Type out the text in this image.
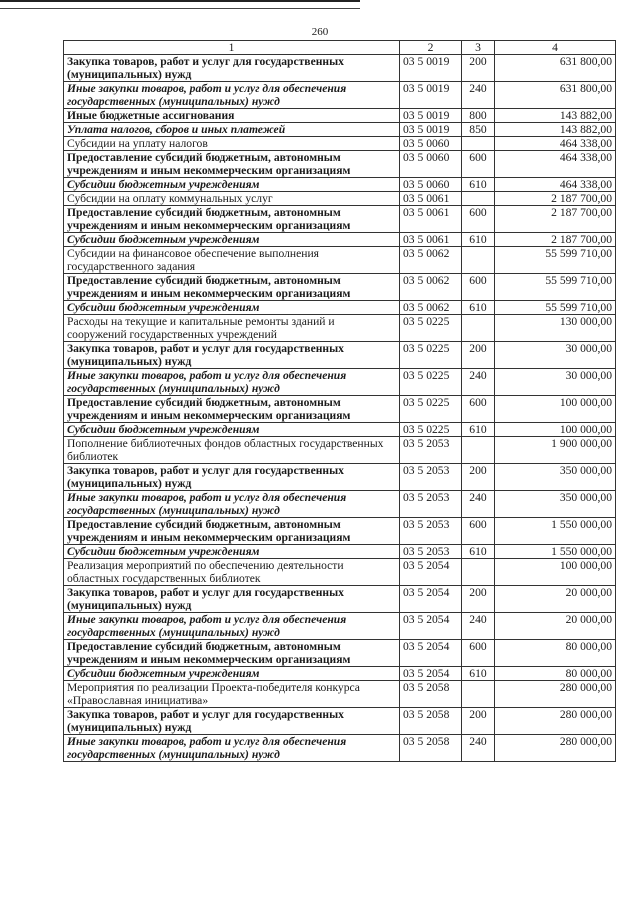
260
1	2	3	4
Закупка товаров, работ и услуг для государственных (муниципальных) нужд	03 5 0019	200	631 800,00
Иные закупки товаров, работ и услуг для обеспечения государственных (муниципальных) нужд	03 5 0019	240	631 800,00
Иные бюджетные ассигнования	03 5 0019	800	143 882,00
Уплата налогов, сборов и иных платежей	03 5 0019	850	143 882,00
Субсидии на уплату налогов	03 5 0060		464 338,00
Предоставление субсидий бюджетным, автономным учреждениям и иным некоммерческим организациям	03 5 0060	600	464 338,00
Субсидии бюджетным учреждениям	03 5 0060	610	464 338,00
Субсидии на оплату коммунальных услуг	03 5 0061		2 187 700,00
Предоставление субсидий бюджетным, автономным учреждениям и иным некоммерческим организациям	03 5 0061	600	2 187 700,00
Субсидии бюджетным учреждениям	03 5 0061	610	2 187 700,00
Субсидии на финансовое обеспечение выполнения государственного задания	03 5 0062		55 599 710,00
Предоставление субсидий бюджетным, автономным учреждениям и иным некоммерческим организациям	03 5 0062	600	55 599 710,00
Субсидии бюджетным учреждениям	03 5 0062	610	55 599 710,00
Расходы на текущие и капитальные ремонты зданий и сооружений государственных учреждений	03 5 0225		130 000,00
Закупка товаров, работ и услуг для государственных (муниципальных) нужд	03 5 0225	200	30 000,00
Иные закупки товаров, работ и услуг для обеспечения государственных (муниципальных) нужд	03 5 0225	240	30 000,00
Предоставление субсидий бюджетным, автономным учреждениям и иным некоммерческим организациям	03 5 0225	600	100 000,00
Субсидии бюджетным учреждениям	03 5 0225	610	100 000,00
Пополнение библиотечных фондов областных государственных библиотек	03 5 2053		1 900 000,00
Закупка товаров, работ и услуг для государственных (муниципальных) нужд	03 5 2053	200	350 000,00
Иные закупки товаров, работ и услуг для обеспечения государственных (муниципальных) нужд	03 5 2053	240	350 000,00
Предоставление субсидий бюджетным, автономным учреждениям и иным некоммерческим организациям	03 5 2053	600	1 550 000,00
Субсидии бюджетным учреждениям	03 5 2053	610	1 550 000,00
Реализация мероприятий по обеспечению деятельности областных государственных библиотек	03 5 2054		100 000,00
Закупка товаров, работ и услуг для государственных (муниципальных) нужд	03 5 2054	200	20 000,00
Иные закупки товаров, работ и услуг для обеспечения государственных (муниципальных) нужд	03 5 2054	240	20 000,00
Предоставление субсидий бюджетным, автономным учреждениям и иным некоммерческим организациям	03 5 2054	600	80 000,00
Субсидии бюджетным учреждениям	03 5 2054	610	80 000,00
Мероприятия по реализации Проекта-победителя конкурса «Православная инициатива»	03 5 2058		280 000,00
Закупка товаров, работ и услуг для государственных (муниципальных) нужд	03 5 2058	200	280 000,00
Иные закупки товаров, работ и услуг для обеспечения государственных (муниципальных) нужд	03 5 2058	240	280 000,00
